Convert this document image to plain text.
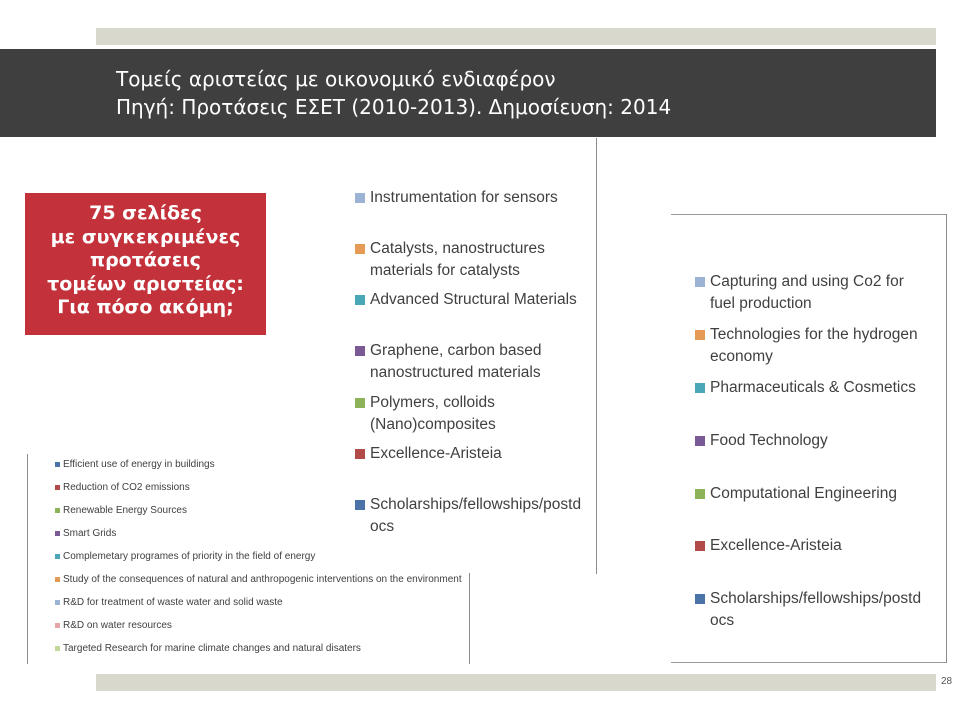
Τομείς αριστείας με οικονομικό ενδιαφέρον
Πηγή: Προτάσεις ΕΣΕΤ (2010-2013). Δημοσίευση: 2014
75 σελίδες
με συγκεκριμένες
προτάσεις
τομέων αριστείας:
Για πόσο ακόμη;
Instrumentation for sensors
Catalysts, nanostructures
materials for catalysts
Advanced Structural Materials
Graphene, carbon based
nanostructured materials
Polymers, colloids
(Nano)composites
Excellence-Aristeia
Scholarships/fellowships/postd
ocs
Capturing and using Co2 for
fuel production
Technologies for the hydrogen
economy
Pharmaceuticals & Cosmetics
Food Technology
Computational Engineering
Excellence-Aristeia
Scholarships/fellowships/postd
ocs
Efficient use of energy in buildings
Reduction of CO2 emissions
Renewable Energy Sources
Smart Grids
Complemetary programes of priority in the field of energy
Study of the consequences of natural and anthropogenic interventions on the environment
R&D for treatment of waste water and solid waste
R&D on water resources
Targeted Research for marine climate changes and natural disaters
28
